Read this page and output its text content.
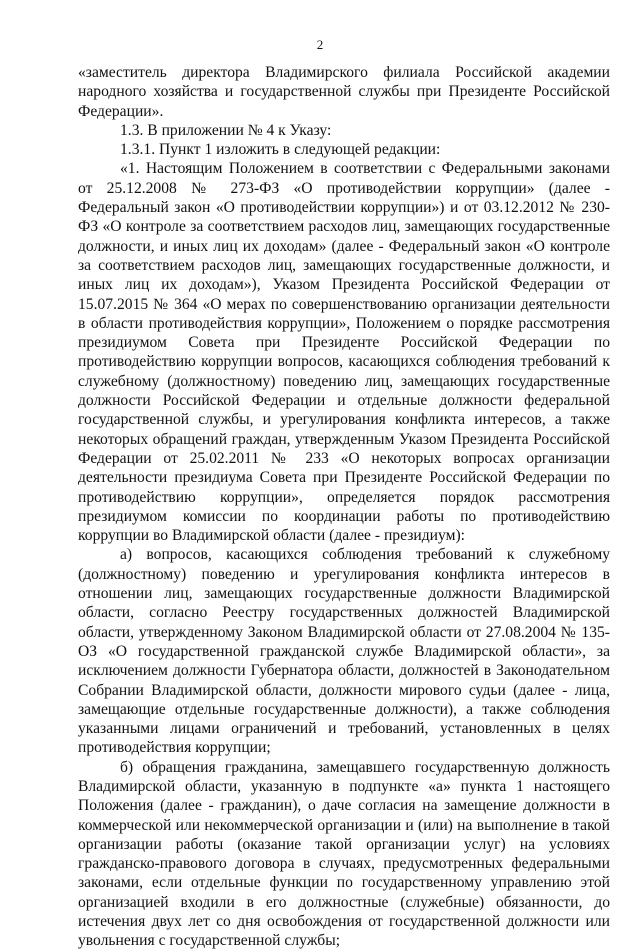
2

«заместитель директора Владимирского филиала Российской академии народного хозяйства и государственной службы при Президенте Российской Федерации».

1.3. В приложении № 4 к Указу:

1.3.1. Пункт 1 изложить в следующей редакции:

«1. Настоящим Положением в соответствии с Федеральными законами от 25.12.2008 № 273-ФЗ «О противодействии коррупции» (далее - Федеральный закон «О противодействии коррупции») и от 03.12.2012 № 230-ФЗ «О контроле за соответствием расходов лиц, замещающих государственные должности, и иных лиц их доходам» (далее - Федеральный закон «О контроле за соответствием расходов лиц, замещающих государственные должности, и иных лиц их доходам»), Указом Президента Российской Федерации от 15.07.2015 № 364 «О мерах по совершенствованию организации деятельности в области противодействия коррупции», Положением о порядке рассмотрения президиумом Совета при Президенте Российской Федерации по противодействию коррупции вопросов, касающихся соблюдения требований к служебному (должностному) поведению лиц, замещающих государственные должности Российской Федерации и отдельные должности федеральной государственной службы, и урегулирования конфликта интересов, а также некоторых обращений граждан, утвержденным Указом Президента Российской Федерации от 25.02.2011 № 233 «О некоторых вопросах организации деятельности президиума Совета при Президенте Российской Федерации по противодействию коррупции», определяется порядок рассмотрения президиумом комиссии по координации работы по противодействию коррупции во Владимирской области (далее - президиум):

а) вопросов, касающихся соблюдения требований к служебному (должностному) поведению и урегулирования конфликта интересов в отношении лиц, замещающих государственные должности Владимирской области, согласно Реестру государственных должностей Владимирской области, утвержденному Законом Владимирской области от 27.08.2004 № 135-ОЗ «О государственной гражданской службе Владимирской области», за исключением должности Губернатора области, должностей в Законодательном Собрании Владимирской области, должности мирового судьи (далее - лица, замещающие отдельные государственные должности), а также соблюдения указанными лицами ограничений и требований, установленных в целях противодействия коррупции;

б) обращения гражданина, замещавшего государственную должность Владимирской области, указанную в подпункте «а» пункта 1 настоящего Положения (далее - гражданин), о даче согласия на замещение должности в коммерческой или некоммерческой организации и (или) на выполнение в такой организации работы (оказание такой организации услуг) на условиях гражданско-правового договора в случаях, предусмотренных федеральными законами, если отдельные функции по государственному управлению этой организацией входили в его должностные (служебные) обязанности, до истечения двух лет со дня освобождения от государственной должности или увольнения с государственной службы;
